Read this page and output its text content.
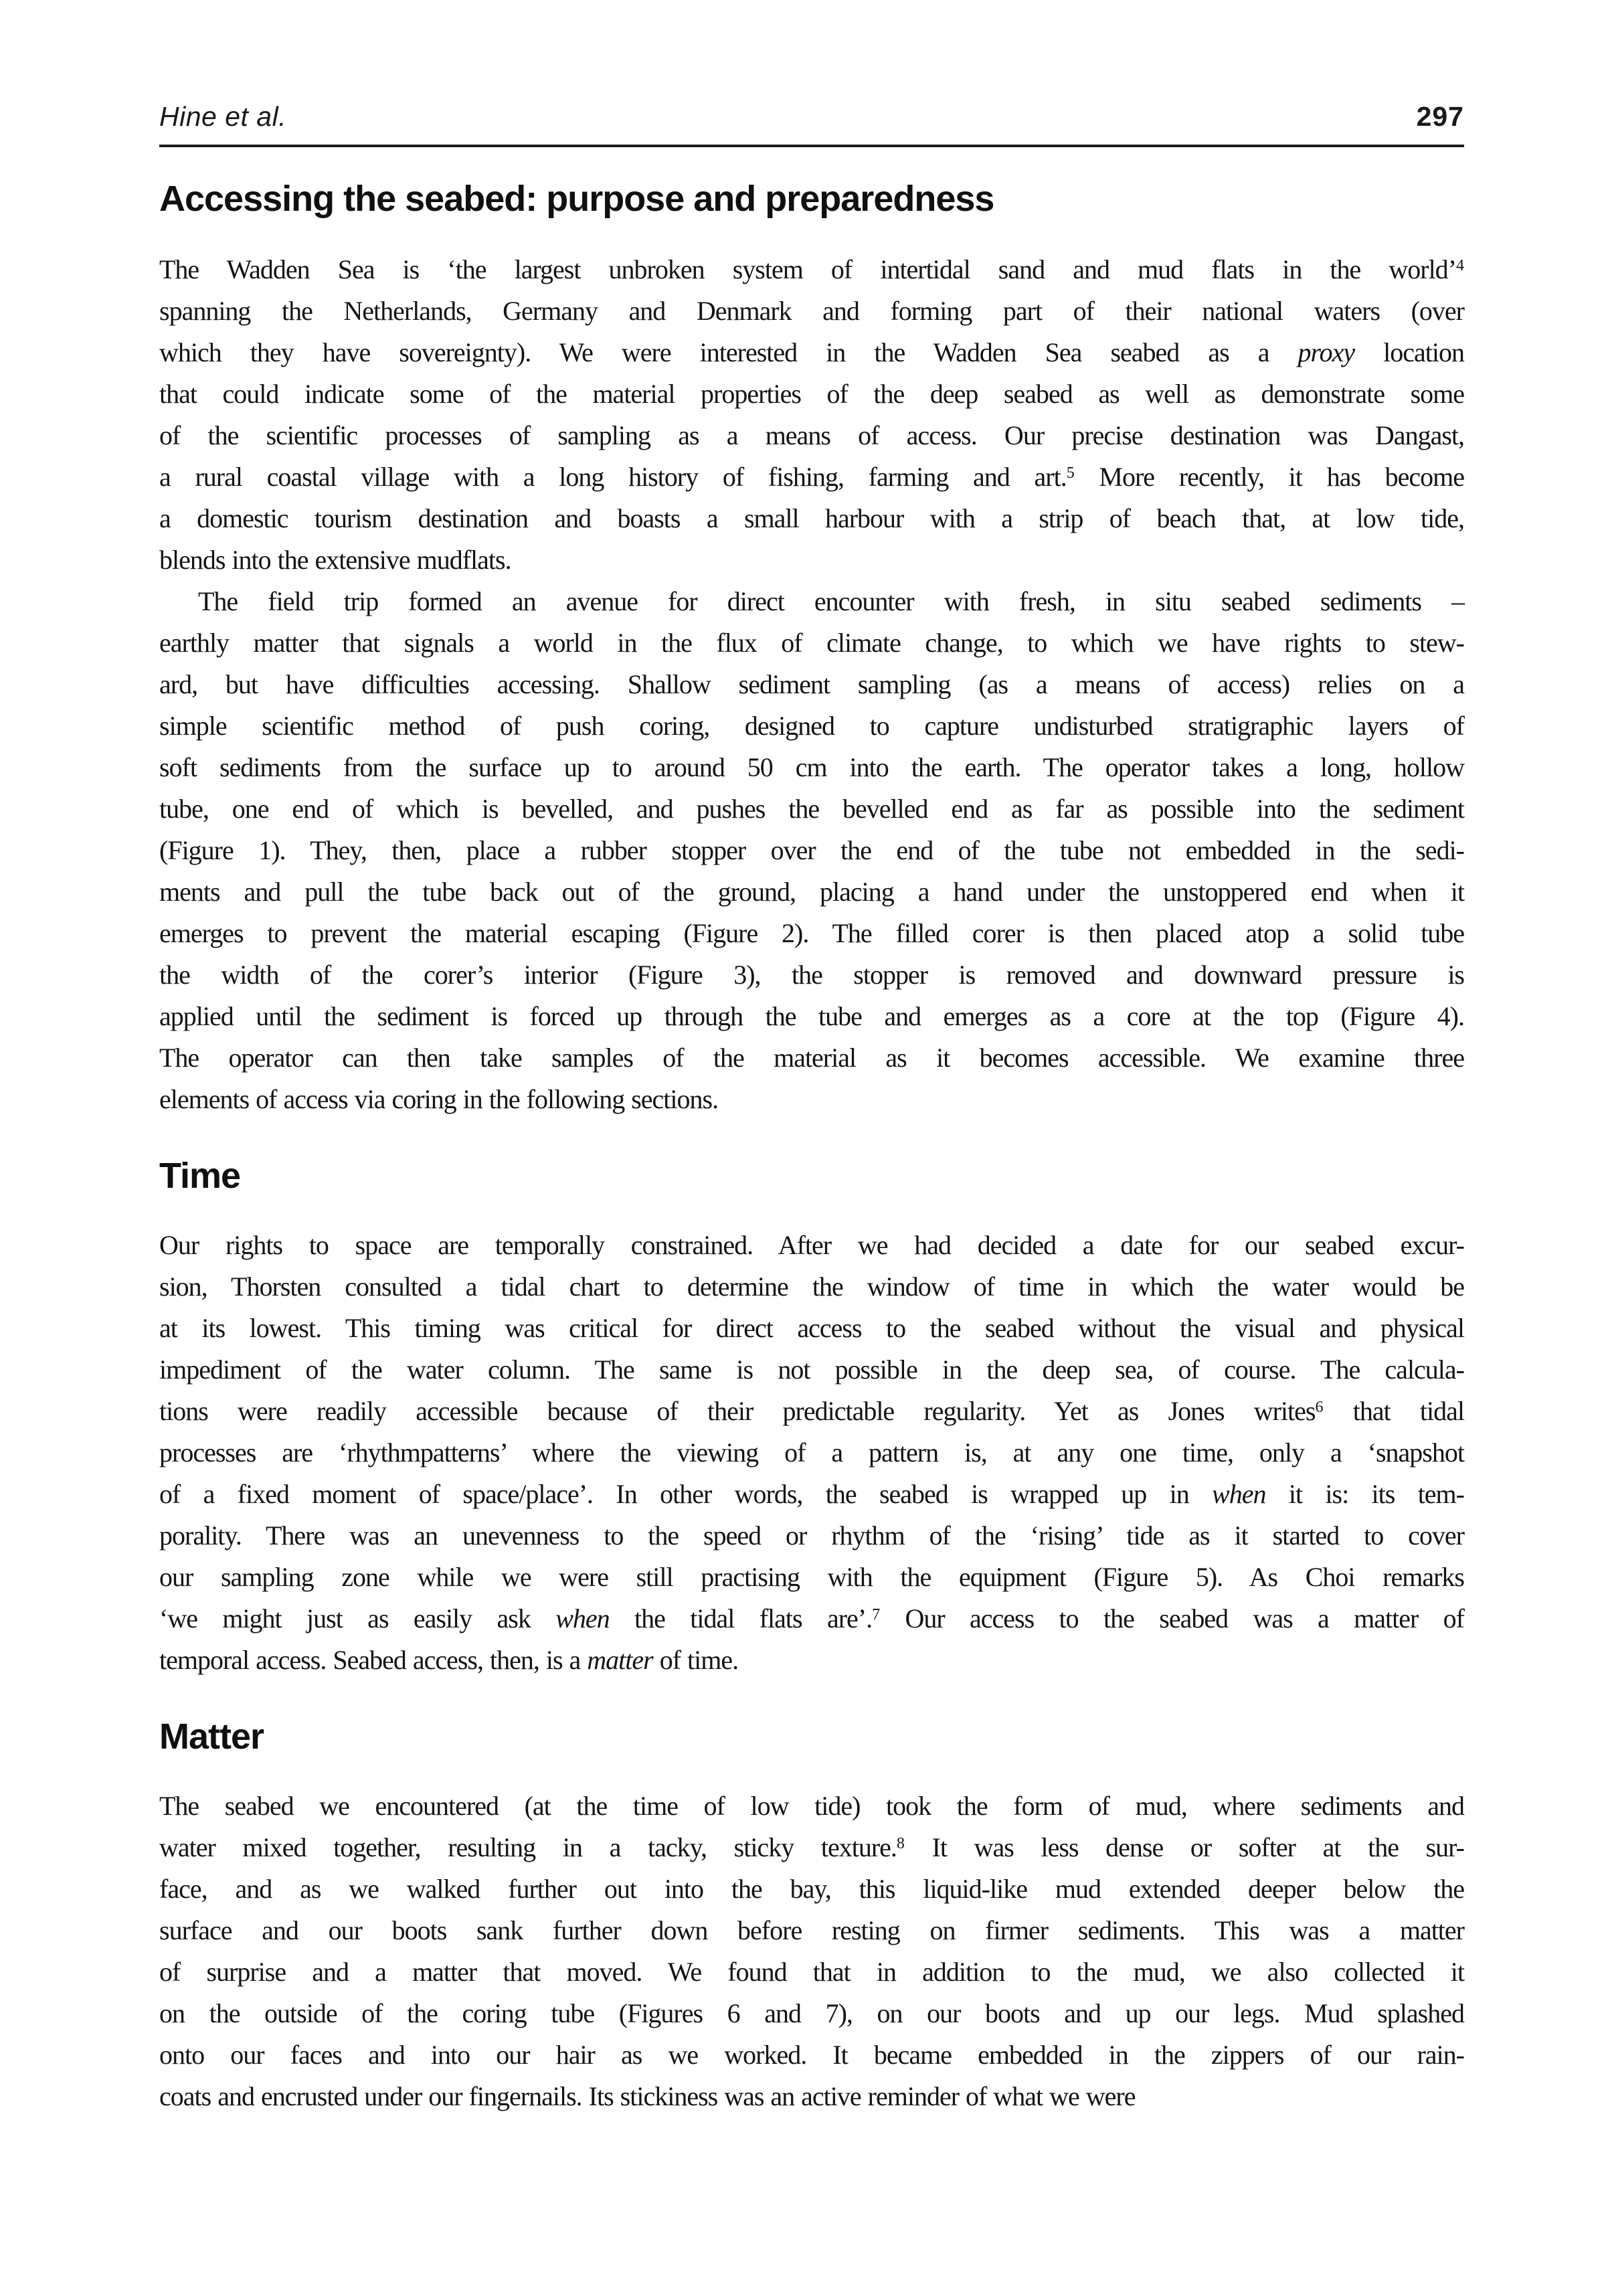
Hine et al.	297
Accessing the seabed: purpose and preparedness
The Wadden Sea is ‘the largest unbroken system of intertidal sand and mud flats in the world’$^4$
spanning the Netherlands, Germany and Denmark and forming part of their national waters (over
which they have sovereignty). We were interested in the Wadden Sea seabed as a proxy location
that could indicate some of the material properties of the deep seabed as well as demonstrate some
of the scientific processes of sampling as a means of access. Our precise destination was Dangast,
a rural coastal village with a long history of fishing, farming and art.$^5$ More recently, it has become
a domestic tourism destination and boasts a small harbour with a strip of beach that, at low tide,
blends into the extensive mudflats.
The field trip formed an avenue for direct encounter with fresh, in situ seabed sediments –
earthly matter that signals a world in the flux of climate change, to which we have rights to stew-
ard, but have difficulties accessing. Shallow sediment sampling (as a means of access) relies on a
simple scientific method of push coring, designed to capture undisturbed stratigraphic layers of
soft sediments from the surface up to around 50 cm into the earth. The operator takes a long, hollow
tube, one end of which is bevelled, and pushes the bevelled end as far as possible into the sediment
(Figure 1). They, then, place a rubber stopper over the end of the tube not embedded in the sedi-
ments and pull the tube back out of the ground, placing a hand under the unstoppered end when it
emerges to prevent the material escaping (Figure 2). The filled corer is then placed atop a solid tube
the width of the corer’s interior (Figure 3), the stopper is removed and downward pressure is
applied until the sediment is forced up through the tube and emerges as a core at the top (Figure 4).
The operator can then take samples of the material as it becomes accessible. We examine three
elements of access via coring in the following sections.
Time
Our rights to space are temporally constrained. After we had decided a date for our seabed excur-
sion, Thorsten consulted a tidal chart to determine the window of time in which the water would be
at its lowest. This timing was critical for direct access to the seabed without the visual and physical
impediment of the water column. The same is not possible in the deep sea, of course. The calcula-
tions were readily accessible because of their predictable regularity. Yet as Jones writes$^6$ that tidal
processes are ‘rhythmpatterns’ where the viewing of a pattern is, at any one time, only a ‘snapshot
of a fixed moment of space/place’. In other words, the seabed is wrapped up in when it is: its tem-
porality. There was an unevenness to the speed or rhythm of the ‘rising’ tide as it started to cover
our sampling zone while we were still practising with the equipment (Figure 5). As Choi remarks
‘we might just as easily ask when the tidal flats are’.$^7$ Our access to the seabed was a matter of
temporal access. Seabed access, then, is a matter of time.
Matter
The seabed we encountered (at the time of low tide) took the form of mud, where sediments and
water mixed together, resulting in a tacky, sticky texture.$^8$ It was less dense or softer at the sur-
face, and as we walked further out into the bay, this liquid-like mud extended deeper below the
surface and our boots sank further down before resting on firmer sediments. This was a matter
of surprise and a matter that moved. We found that in addition to the mud, we also collected it
on the outside of the coring tube (Figures 6 and 7), on our boots and up our legs. Mud splashed
onto our faces and into our hair as we worked. It became embedded in the zippers of our rain-
coats and encrusted under our fingernails. Its stickiness was an active reminder of what we were
